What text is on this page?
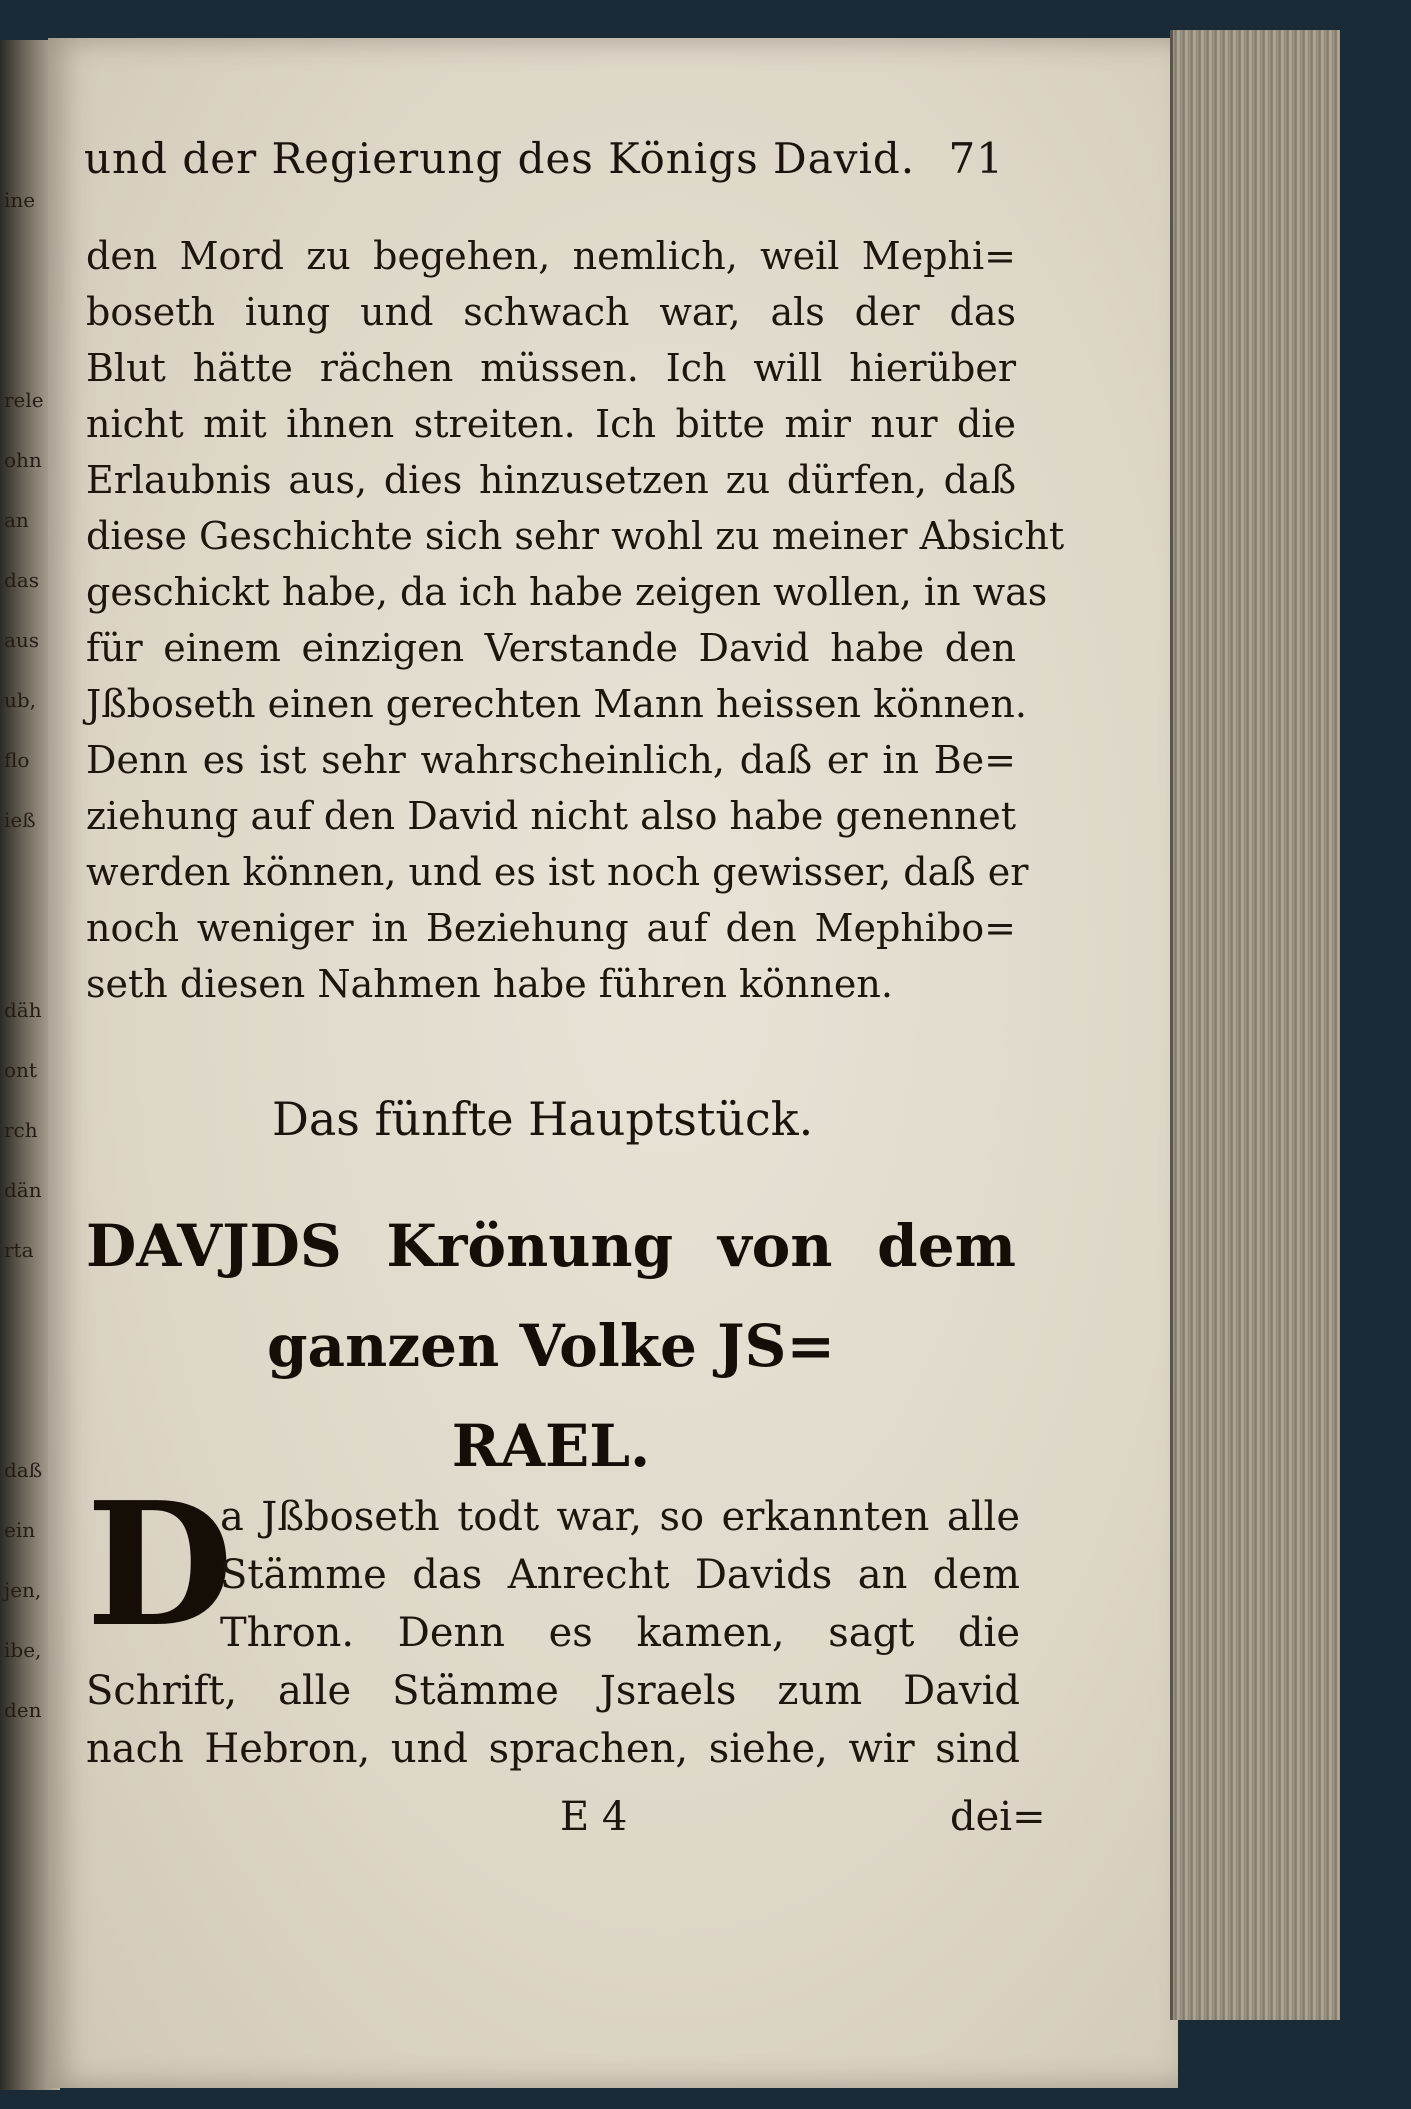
ine
rele
ohn
an
das
aus
ub,
flo
ieß
däh
ont
rch
dän
rta
daß
ein
jen,
ibe,
den
und der Regierung des Königs David. 71
den Mord zu begehen, nemlich, weil Mephi=
boseth iung und schwach war, als der das
Blut hätte rächen müssen. Ich will hierüber
nicht mit ihnen streiten. Ich bitte mir nur die
Erlaubnis aus, dies hinzusetzen zu dürfen, daß
diese Geschichte sich sehr wohl zu meiner Absicht
geschickt habe, da ich habe zeigen wollen, in was
für einem einzigen Verstande David habe den
Jßboseth einen gerechten Mann heissen können.
Denn es ist sehr wahrscheinlich, daß er in Be=
ziehung auf den David nicht also habe genennet
werden können, und es ist noch gewisser, daß er
noch weniger in Beziehung auf den Mephibo=
seth diesen Nahmen habe führen können.
Das fünfte Hauptstück.
DAVJDS Krönung von dem
ganzen Volke JS=
RAEL.
D
a Jßboseth todt war, so erkannten alle
Stämme das Anrecht Davids an dem
Thron. Denn es kamen, sagt die
Schrift, alle Stämme Jsraels zum David
nach Hebron, und sprachen, siehe, wir sind
E 4	dei=
